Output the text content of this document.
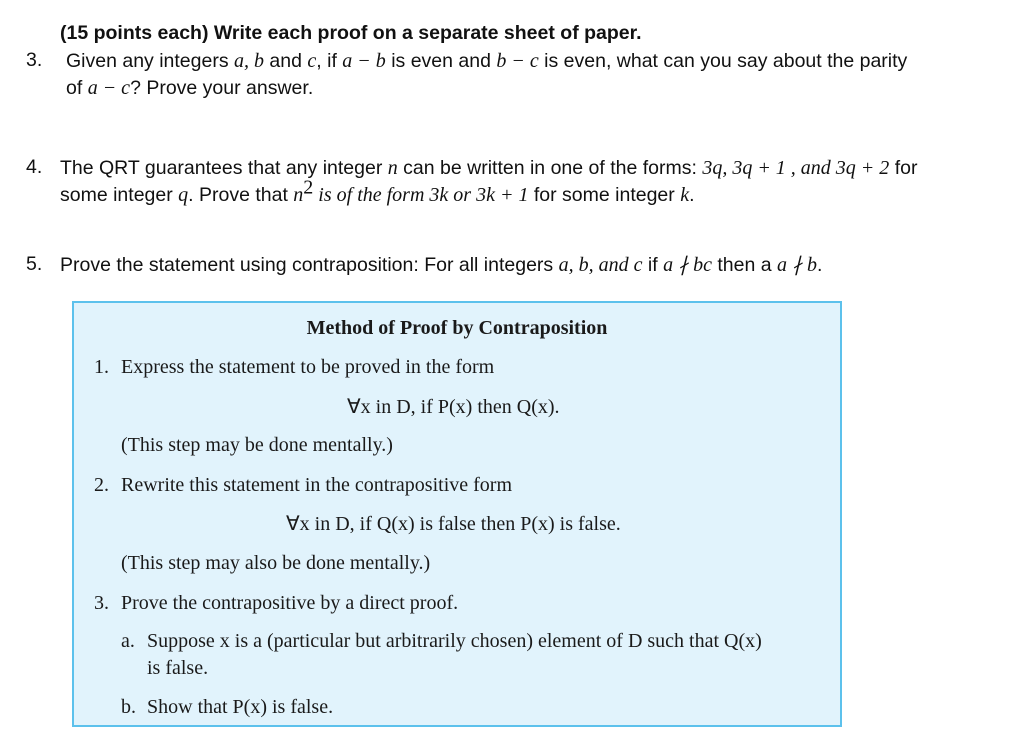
(15 points each) Write each proof on a separate sheet of paper.
3. Given any integers a, b and c, if a − b is even and b − c is even, what can you say about the parity
of a − c? Prove your answer.
4. The QRT guarantees that any integer n can be written in one of the forms: 3q, 3q + 1 , and 3q + 2 for
some integer q. Prove that $n^2$ is of the form 3k or 3k + 1 for some integer k.
5. Prove the statement using contraposition: For all integers a, b, and c if a ∤ bc then a a ∤ b.
Method of Proof by Contraposition
1. Express the statement to be proved in the form
∀x in D, if P(x) then Q(x).
(This step may be done mentally.)
2. Rewrite this statement in the contrapositive form
∀x in D, if Q(x) is false then P(x) is false.
(This step may also be done mentally.)
3. Prove the contrapositive by a direct proof.
a. Suppose x is a (particular but arbitrarily chosen) element of D such that Q(x)
is false.
b. Show that P(x) is false.
